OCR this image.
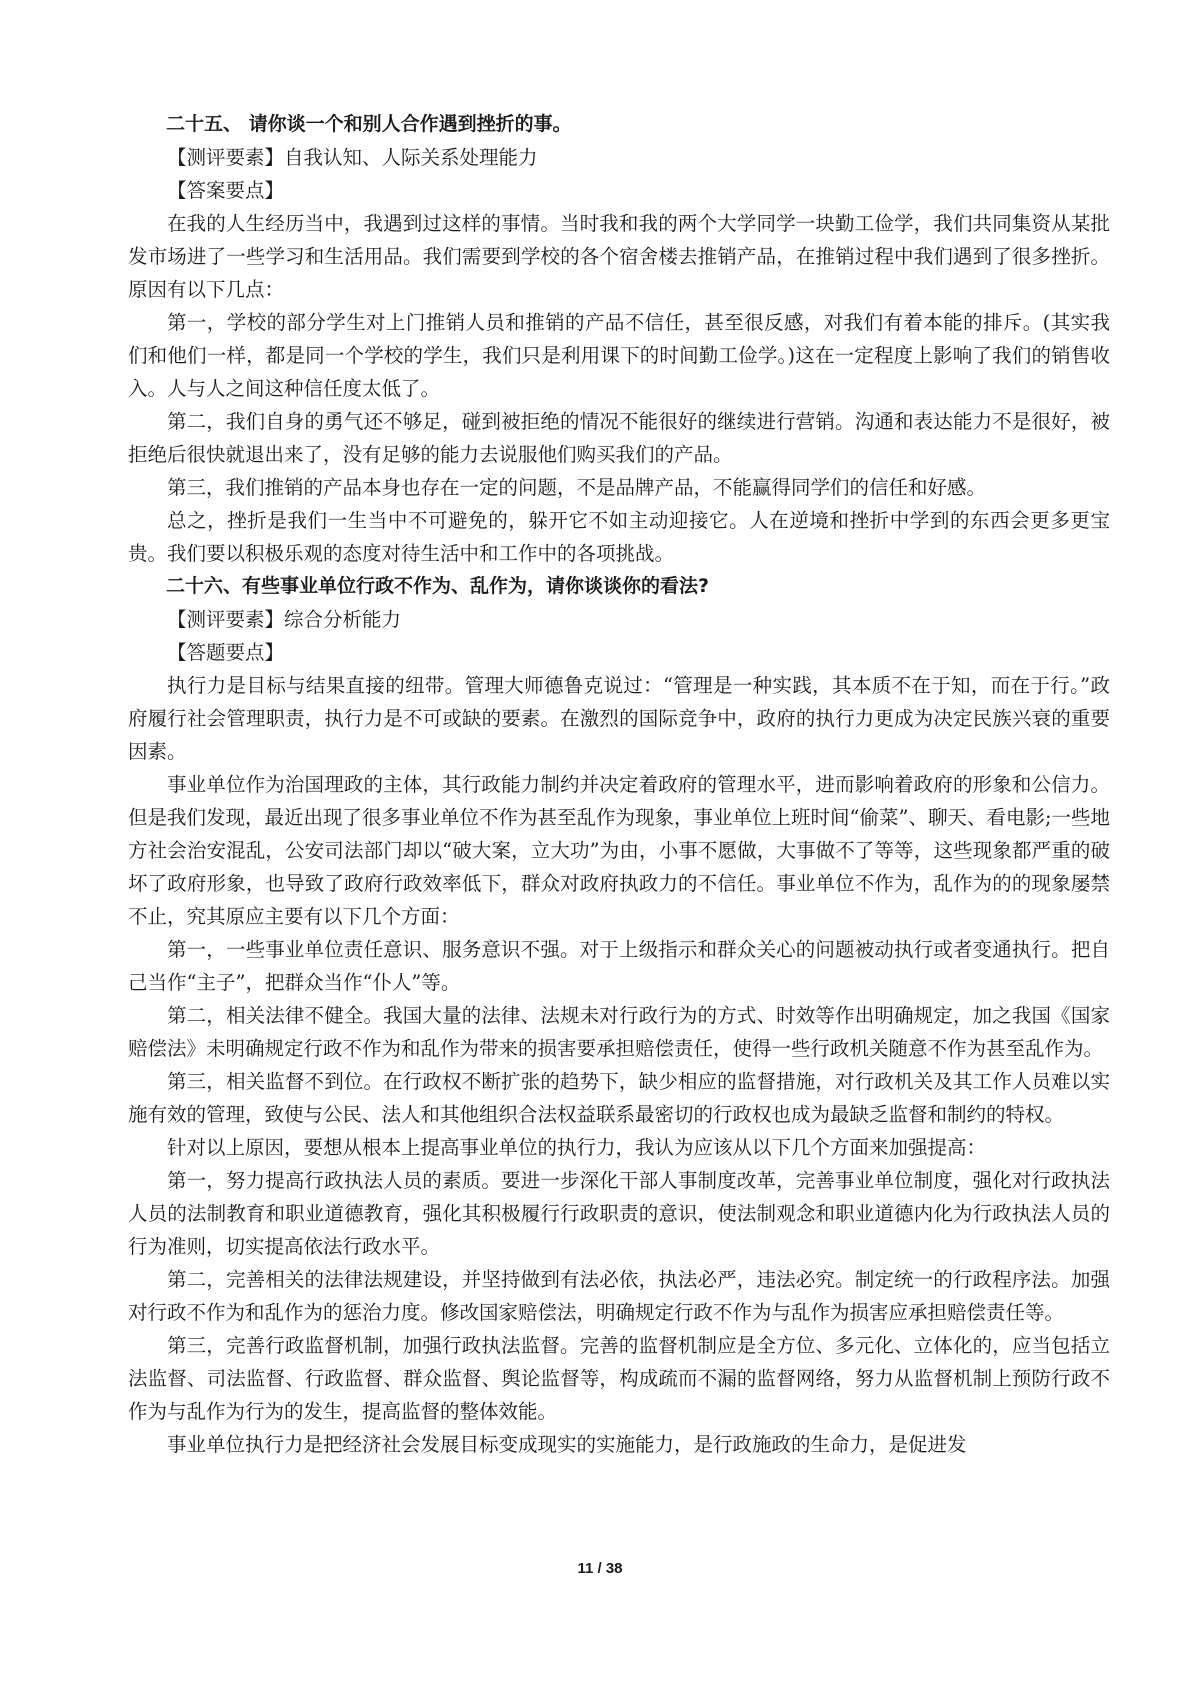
二十五、 请你谈一个和别人合作遇到挫折的事。

【测评要素】自我认知、人际关系处理能力

【答案要点】

在我的人生经历当中，我遇到过这样的事情。当时我和我的两个大学同学一块勤工俭学，我们共同集资从某批发市场进了一些学习和生活用品。我们需要到学校的各个宿舍楼去推销产品，在推销过程中我们遇到了很多挫折。原因有以下几点：

第一，学校的部分学生对上门推销人员和推销的产品不信任，甚至很反感，对我们有着本能的排斥。(其实我们和他们一样，都是同一个学校的学生，我们只是利用课下的时间勤工俭学。)这在一定程度上影响了我们的销售收入。人与人之间这种信任度太低了。

第二，我们自身的勇气还不够足，碰到被拒绝的情况不能很好的继续进行营销。沟通和表达能力不是很好，被拒绝后很快就退出来了，没有足够的能力去说服他们购买我们的产品。

第三，我们推销的产品本身也存在一定的问题，不是品牌产品，不能赢得同学们的信任和好感。

总之，挫折是我们一生当中不可避免的，躲开它不如主动迎接它。人在逆境和挫折中学到的东西会更多更宝贵。我们要以积极乐观的态度对待生活中和工作中的各项挑战。

二十六、有些事业单位行政不作为、乱作为，请你谈谈你的看法?

【测评要素】综合分析能力

【答题要点】

执行力是目标与结果直接的纽带。管理大师德鲁克说过：“管理是一种实践，其本质不在于知，而在于行。”政府履行社会管理职责，执行力是不可或缺的要素。在激烈的国际竞争中，政府的执行力更成为决定民族兴衰的重要因素。

事业单位作为治国理政的主体，其行政能力制约并决定着政府的管理水平，进而影响着政府的形象和公信力。但是我们发现，最近出现了很多事业单位不作为甚至乱作为现象，事业单位上班时间“偷菜”、聊天、看电影;一些地方社会治安混乱，公安司法部门却以“破大案，立大功”为由，小事不愿做，大事做不了等等，这些现象都严重的破坏了政府形象，也导致了政府行政效率低下，群众对政府执政力的不信任。事业单位不作为，乱作为的的现象屡禁不止，究其原应主要有以下几个方面：

第一，一些事业单位责任意识、服务意识不强。对于上级指示和群众关心的问题被动执行或者变通执行。把自己当作“主子”，把群众当作“仆人”等。

第二，相关法律不健全。我国大量的法律、法规未对行政行为的方式、时效等作出明确规定，加之我国《国家赔偿法》未明确规定行政不作为和乱作为带来的损害要承担赔偿责任，使得一些行政机关随意不作为甚至乱作为。

第三，相关监督不到位。在行政权不断扩张的趋势下，缺少相应的监督措施，对行政机关及其工作人员难以实施有效的管理，致使与公民、法人和其他组织合法权益联系最密切的行政权也成为最缺乏监督和制约的特权。

针对以上原因，要想从根本上提高事业单位的执行力，我认为应该从以下几个方面来加强提高：

第一，努力提高行政执法人员的素质。要进一步深化干部人事制度改革，完善事业单位制度，强化对行政执法人员的法制教育和职业道德教育，强化其积极履行行政职责的意识，使法制观念和职业道德内化为行政执法人员的行为准则，切实提高依法行政水平。

第二，完善相关的法律法规建设，并坚持做到有法必依，执法必严，违法必究。制定统一的行政程序法。加强对行政不作为和乱作为的惩治力度。修改国家赔偿法，明确规定行政不作为与乱作为损害应承担赔偿责任等。

第三，完善行政监督机制，加强行政执法监督。完善的监督机制应是全方位、多元化、立体化的，应当包括立法监督、司法监督、行政监督、群众监督、舆论监督等，构成疏而不漏的监督网络，努力从监督机制上预防行政不作为与乱作为行为的发生，提高监督的整体效能。

事业单位执行力是把经济社会发展目标变成现实的实施能力，是行政施政的生命力，是促进发

11 / 38
